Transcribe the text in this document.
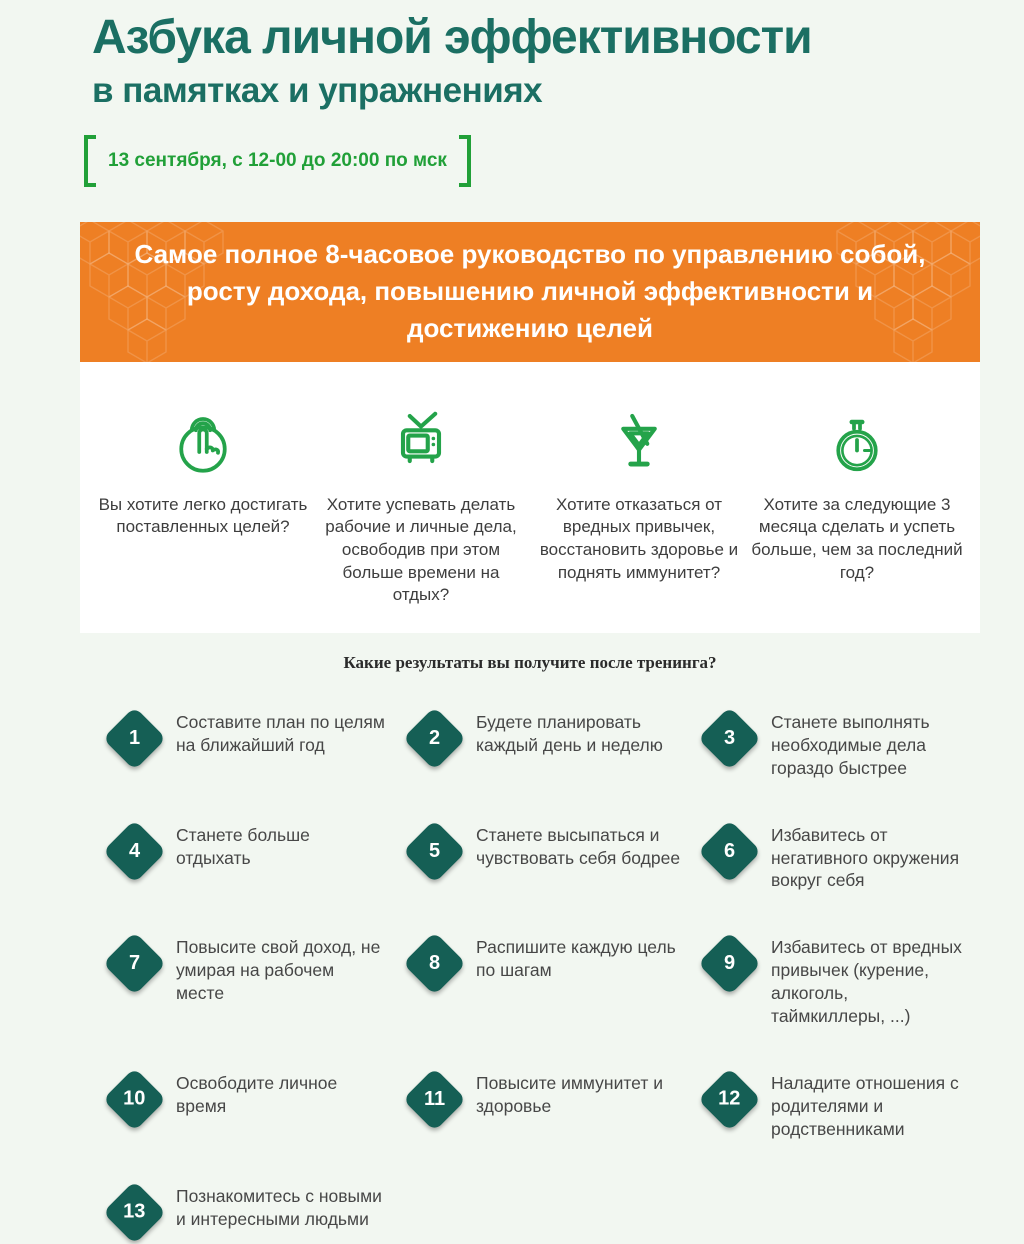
Азбука личной эффективности
в памятках и упражнениях
13 сентября, с 12-00 до 20:00 по мск

Самое полное 8-часовое руководство по управлению собой, росту дохода, повышению личной эффективности и достижению целей

Вы хотите легко достигать поставленных целей?

Хотите успевать делать рабочие и личные дела, освободив при этом больше времени на отдых?

Хотите отказаться от вредных привычек, восстановить здоровье и поднять иммунитет?

Хотите за следующие 3 месяца сделать и успеть больше, чем за последний год?

Какие результаты вы получите после тренинга?
1

Составите план по целям на ближайший год	2

Будете планировать каждый день и неделю	3

Станете выполнять необходимые дела гораздо быстрее

4

Станете больше отдыхать	5

Станете высыпаться и чувствовать себя бодрее 6

Избавитесь от негативного окружения вокруг себя

7

Повысите свой доход, не умирая на рабочем месте

8

Распишите каждую цель по шагам	9

Избавитесь от вредных привычек (курение, алкоголь, таймкиллеры, ...)

10

Освободите личное время	11

Повысите иммунитет и здоровье	12

Наладите отношения с родителями и родственниками

13

Познакомитесь с новыми и интересными людьми
